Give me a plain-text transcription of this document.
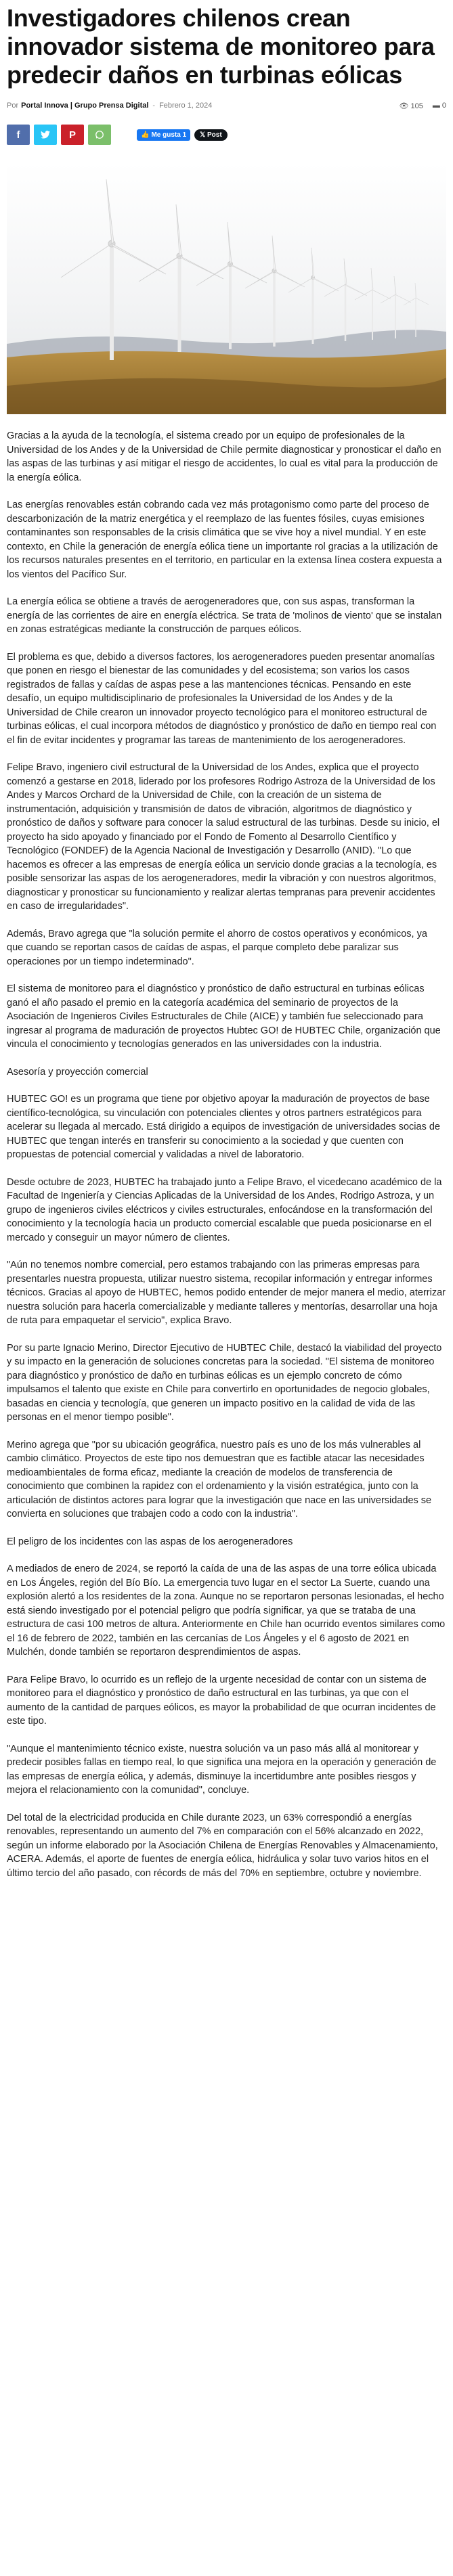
Investigadores chilenos crean innovador sistema de monitoreo para predecir daños en turbinas eólicas
Por Portal Innova | Grupo Prensa Digital - Febrero 1, 2024	👁 105 ▬ 0
f	P	👍 Me gusta 1	𝕏 Post

Gracias a la ayuda de la tecnología, el sistema creado por un equipo de profesionales de la Universidad de los Andes y de la Universidad de Chile permite diagnosticar y pronosticar el daño en las aspas de las turbinas y así mitigar el riesgo de accidentes, lo cual es vital para la producción de la energía eólica.

Las energías renovables están cobrando cada vez más protagonismo como parte del proceso de descarbonización de la matriz energética y el reemplazo de las fuentes fósiles, cuyas emisiones contaminantes son responsables de la crisis climática que se vive hoy a nivel mundial. Y en este contexto, en Chile la generación de energía eólica tiene un importante rol gracias a la utilización de los recursos naturales presentes en el territorio, en particular en la extensa línea costera expuesta a los vientos del Pacífico Sur.

La energía eólica se obtiene a través de aerogeneradores que, con sus aspas, transforman la energía de las corrientes de aire en energía eléctrica. Se trata de 'molinos de viento' que se instalan en zonas estratégicas mediante la construcción de parques eólicos.

El problema es que, debido a diversos factores, los aerogeneradores pueden presentar anomalías que ponen en riesgo el bienestar de las comunidades y del ecosistema; son varios los casos registrados de fallas y caídas de aspas pese a las mantenciones técnicas. Pensando en este desafío, un equipo multidisciplinario de profesionales la Universidad de los Andes y de la Universidad de Chile crearon un innovador proyecto tecnológico para el monitoreo estructural de turbinas eólicas, el cual incorpora métodos de diagnóstico y pronóstico de daño en tiempo real con el fin de evitar incidentes y programar las tareas de mantenimiento de los aerogeneradores.

Felipe Bravo, ingeniero civil estructural de la Universidad de los Andes, explica que el proyecto comenzó a gestarse en 2018, liderado por los profesores Rodrigo Astroza de la Universidad de los Andes y Marcos Orchard de la Universidad de Chile, con la creación de un sistema de instrumentación, adquisición y transmisión de datos de vibración, algoritmos de diagnóstico y pronóstico de daños y software para conocer la salud estructural de las turbinas. Desde su inicio, el proyecto ha sido apoyado y financiado por el Fondo de Fomento al Desarrollo Científico y Tecnológico (FONDEF) de la Agencia Nacional de Investigación y Desarrollo (ANID). "Lo que hacemos es ofrecer a las empresas de energía eólica un servicio donde gracias a la tecnología, es posible sensorizar las aspas de los aerogeneradores, medir la vibración y con nuestros algoritmos, diagnosticar y pronosticar su funcionamiento y realizar alertas tempranas para prevenir accidentes en caso de irregularidades".

Además, Bravo agrega que "la solución permite el ahorro de costos operativos y económicos, ya que cuando se reportan casos de caídas de aspas, el parque completo debe paralizar sus operaciones por un tiempo indeterminado".

El sistema de monitoreo para el diagnóstico y pronóstico de daño estructural en turbinas eólicas ganó el año pasado el premio en la categoría académica del seminario de proyectos de la Asociación de Ingenieros Civiles Estructurales de Chile (AICE) y también fue seleccionado para ingresar al programa de maduración de proyectos Hubtec GO! de HUBTEC Chile, organización que vincula el conocimiento y tecnologías generados en las universidades con la industria.

Asesoría y proyección comercial

HUBTEC GO! es un programa que tiene por objetivo apoyar la maduración de proyectos de base científico-tecnológica, su vinculación con potenciales clientes y otros partners estratégicos para acelerar su llegada al mercado. Está dirigido a equipos de investigación de universidades socias de HUBTEC que tengan interés en transferir su conocimiento a la sociedad y que cuenten con propuestas de potencial comercial y validadas a nivel de laboratorio.

Desde octubre de 2023, HUBTEC ha trabajado junto a Felipe Bravo, el vicedecano académico de la Facultad de Ingeniería y Ciencias Aplicadas de la Universidad de los Andes, Rodrigo Astroza, y un grupo de ingenieros civiles eléctricos y civiles estructurales, enfocándose en la transformación del conocimiento y la tecnología hacia un producto comercial escalable que pueda posicionarse en el mercado y conseguir un mayor número de clientes.

"Aún no tenemos nombre comercial, pero estamos trabajando con las primeras empresas para presentarles nuestra propuesta, utilizar nuestro sistema, recopilar información y entregar informes técnicos. Gracias al apoyo de HUBTEC, hemos podido entender de mejor manera el medio, aterrizar nuestra solución para hacerla comercializable y mediante talleres y mentorías, desarrollar una hoja de ruta para empaquetar el servicio", explica Bravo.

Por su parte Ignacio Merino, Director Ejecutivo de HUBTEC Chile, destacó la viabilidad del proyecto y su impacto en la generación de soluciones concretas para la sociedad. "El sistema de monitoreo para diagnóstico y pronóstico de daño en turbinas eólicas es un ejemplo concreto de cómo impulsamos el talento que existe en Chile para convertirlo en oportunidades de negocio globales, basadas en ciencia y tecnología, que generen un impacto positivo en la calidad de vida de las personas en el menor tiempo posible".

Merino agrega que "por su ubicación geográfica, nuestro país es uno de los más vulnerables al cambio climático. Proyectos de este tipo nos demuestran que es factible atacar las necesidades medioambientales de forma eficaz, mediante la creación de modelos de transferencia de conocimiento que combinen la rapidez con el ordenamiento y la visión estratégica, junto con la articulación de distintos actores para lograr que la investigación que nace en las universidades se convierta en soluciones que trabajen codo a codo con la industria".

El peligro de los incidentes con las aspas de los aerogeneradores

A mediados de enero de 2024, se reportó la caída de una de las aspas de una torre eólica ubicada en Los Ángeles, región del Bío Bío. La emergencia tuvo lugar en el sector La Suerte, cuando una explosión alertó a los residentes de la zona. Aunque no se reportaron personas lesionadas, el hecho está siendo investigado por el potencial peligro que podría significar, ya que se trataba de una estructura de casi 100 metros de altura. Anteriormente en Chile han ocurrido eventos similares como el 16 de febrero de 2022, también en las cercanías de Los Ángeles y el 6 agosto de 2021 en Mulchén, donde también se reportaron desprendimientos de aspas.

Para Felipe Bravo, lo ocurrido es un reflejo de la urgente necesidad de contar con un sistema de monitoreo para el diagnóstico y pronóstico de daño estructural en las turbinas, ya que con el aumento de la cantidad de parques eólicos, es mayor la probabilidad de que ocurran incidentes de este tipo.

"Aunque el mantenimiento técnico existe, nuestra solución va un paso más allá al monitorear y predecir posibles fallas en tiempo real, lo que significa una mejora en la operación y generación de las empresas de energía eólica, y además, disminuye la incertidumbre ante posibles riesgos y mejora el relacionamiento con la comunidad", concluye.

Del total de la electricidad producida en Chile durante 2023, un 63% correspondió a energías renovables, representando un aumento del 7% en comparación con el 56% alcanzado en 2022, según un informe elaborado por la Asociación Chilena de Energías Renovables y Almacenamiento, ACERA. Además, el aporte de fuentes de energía eólica, hidráulica y solar tuvo varios hitos en el último tercio del año pasado, con récords de más del 70% en septiembre, octubre y noviembre.
